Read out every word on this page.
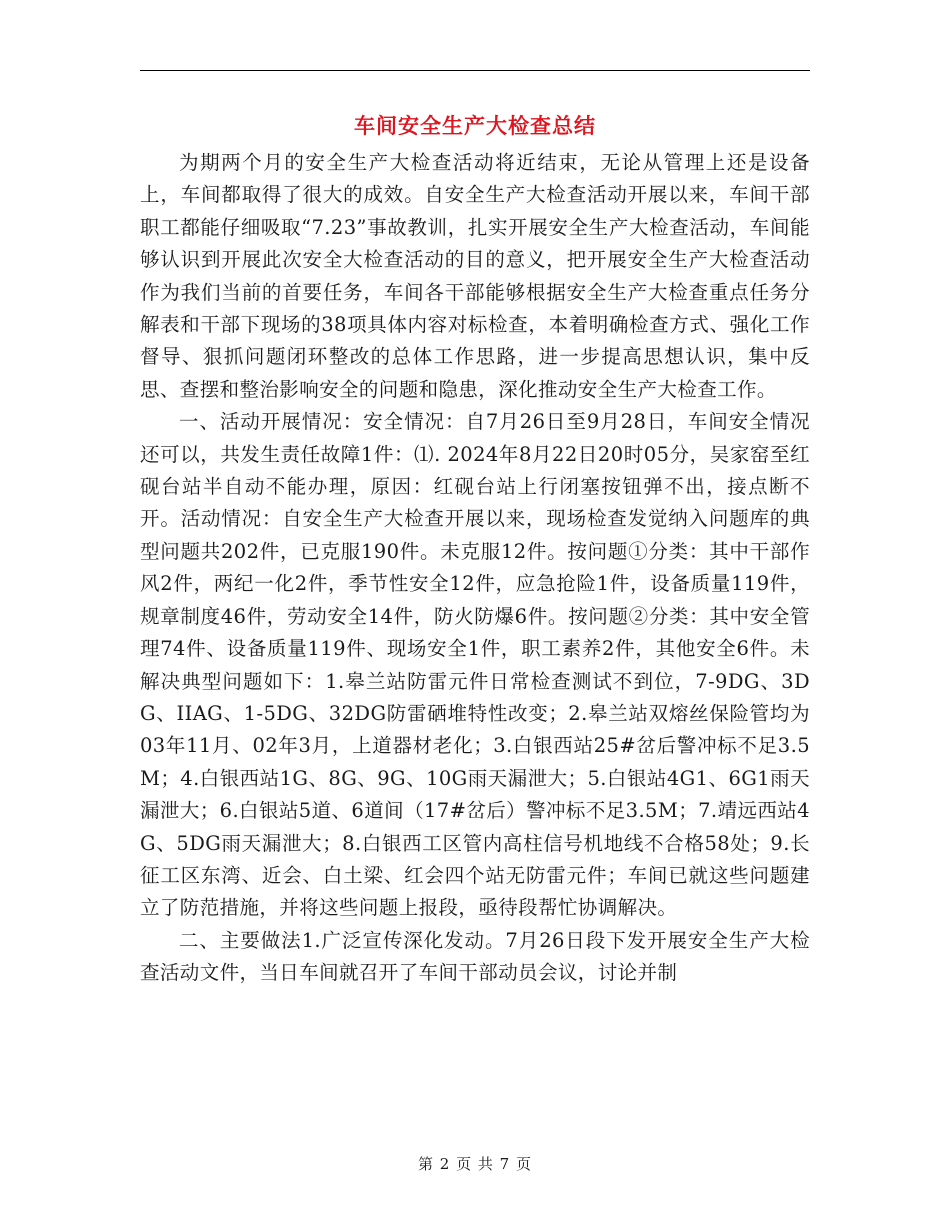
车间安全生产大检查总结

为期两个月的安全生产大检查活动将近结束，无论从管理上还是设备上，车间都取得了很大的成效。自安全生产大检查活动开展以来，车间干部职工都能仔细吸取“7.23”事故教训，扎实开展安全生产大检查活动，车间能够认识到开展此次安全大检查活动的目的意义，把开展安全生产大检查活动作为我们当前的首要任务，车间各干部能够根据安全生产大检查重点任务分解表和干部下现场的38项具体内容对标检查，本着明确检查方式、强化工作督导、狠抓问题闭环整改的总体工作思路，进一步提高思想认识，集中反思、查摆和整治影响安全的问题和隐患，深化推动安全生产大检查工作。

一、活动开展情况：安全情况：自7月26日至9月28日，车间安全情况还可以，共发生责任故障1件：⑴. 2024年8月22日20时05分，吴家窑至红砚台站半自动不能办理，原因：红砚台站上行闭塞按钮弹不出，接点断不开。活动情况：自安全生产大检查开展以来，现场检查发觉纳入问题库的典型问题共202件，已克服190件。未克服12件。按问题①分类：其中干部作风2件，两纪一化2件，季节性安全12件，应急抢险1件，设备质量119件，规章制度46件，劳动安全14件，防火防爆6件。按问题②分类：其中安全管理74件、设备质量119件、现场安全1件，职工素养2件，其他安全6件。未解决典型问题如下：1.皋兰站防雷元件日常检查测试不到位，7-9DG、3DG、IIAG、1-5DG、32DG防雷硒堆特性改变；2.皋兰站双熔丝保险管均为03年11月、02年3月，上道器材老化；3.白银西站25#岔后警冲标不足3.5M；4.白银西站1G、8G、9G、10G雨天漏泄大；5.白银站4G1、6G1雨天漏泄大；6.白银站5道、6道间（17#岔后）警冲标不足3.5M；7.靖远西站4G、5DG雨天漏泄大；8.白银西工区管内高柱信号机地线不合格58处；9.长征工区东湾、近会、白土梁、红会四个站无防雷元件；车间已就这些问题建立了防范措施，并将这些问题上报段，亟待段帮忙协调解决。

二、主要做法1.广泛宣传深化发动。7月26日段下发开展安全生产大检查活动文件，当日车间就召开了车间干部动员会议，讨论并制

第 2 页 共 7 页
